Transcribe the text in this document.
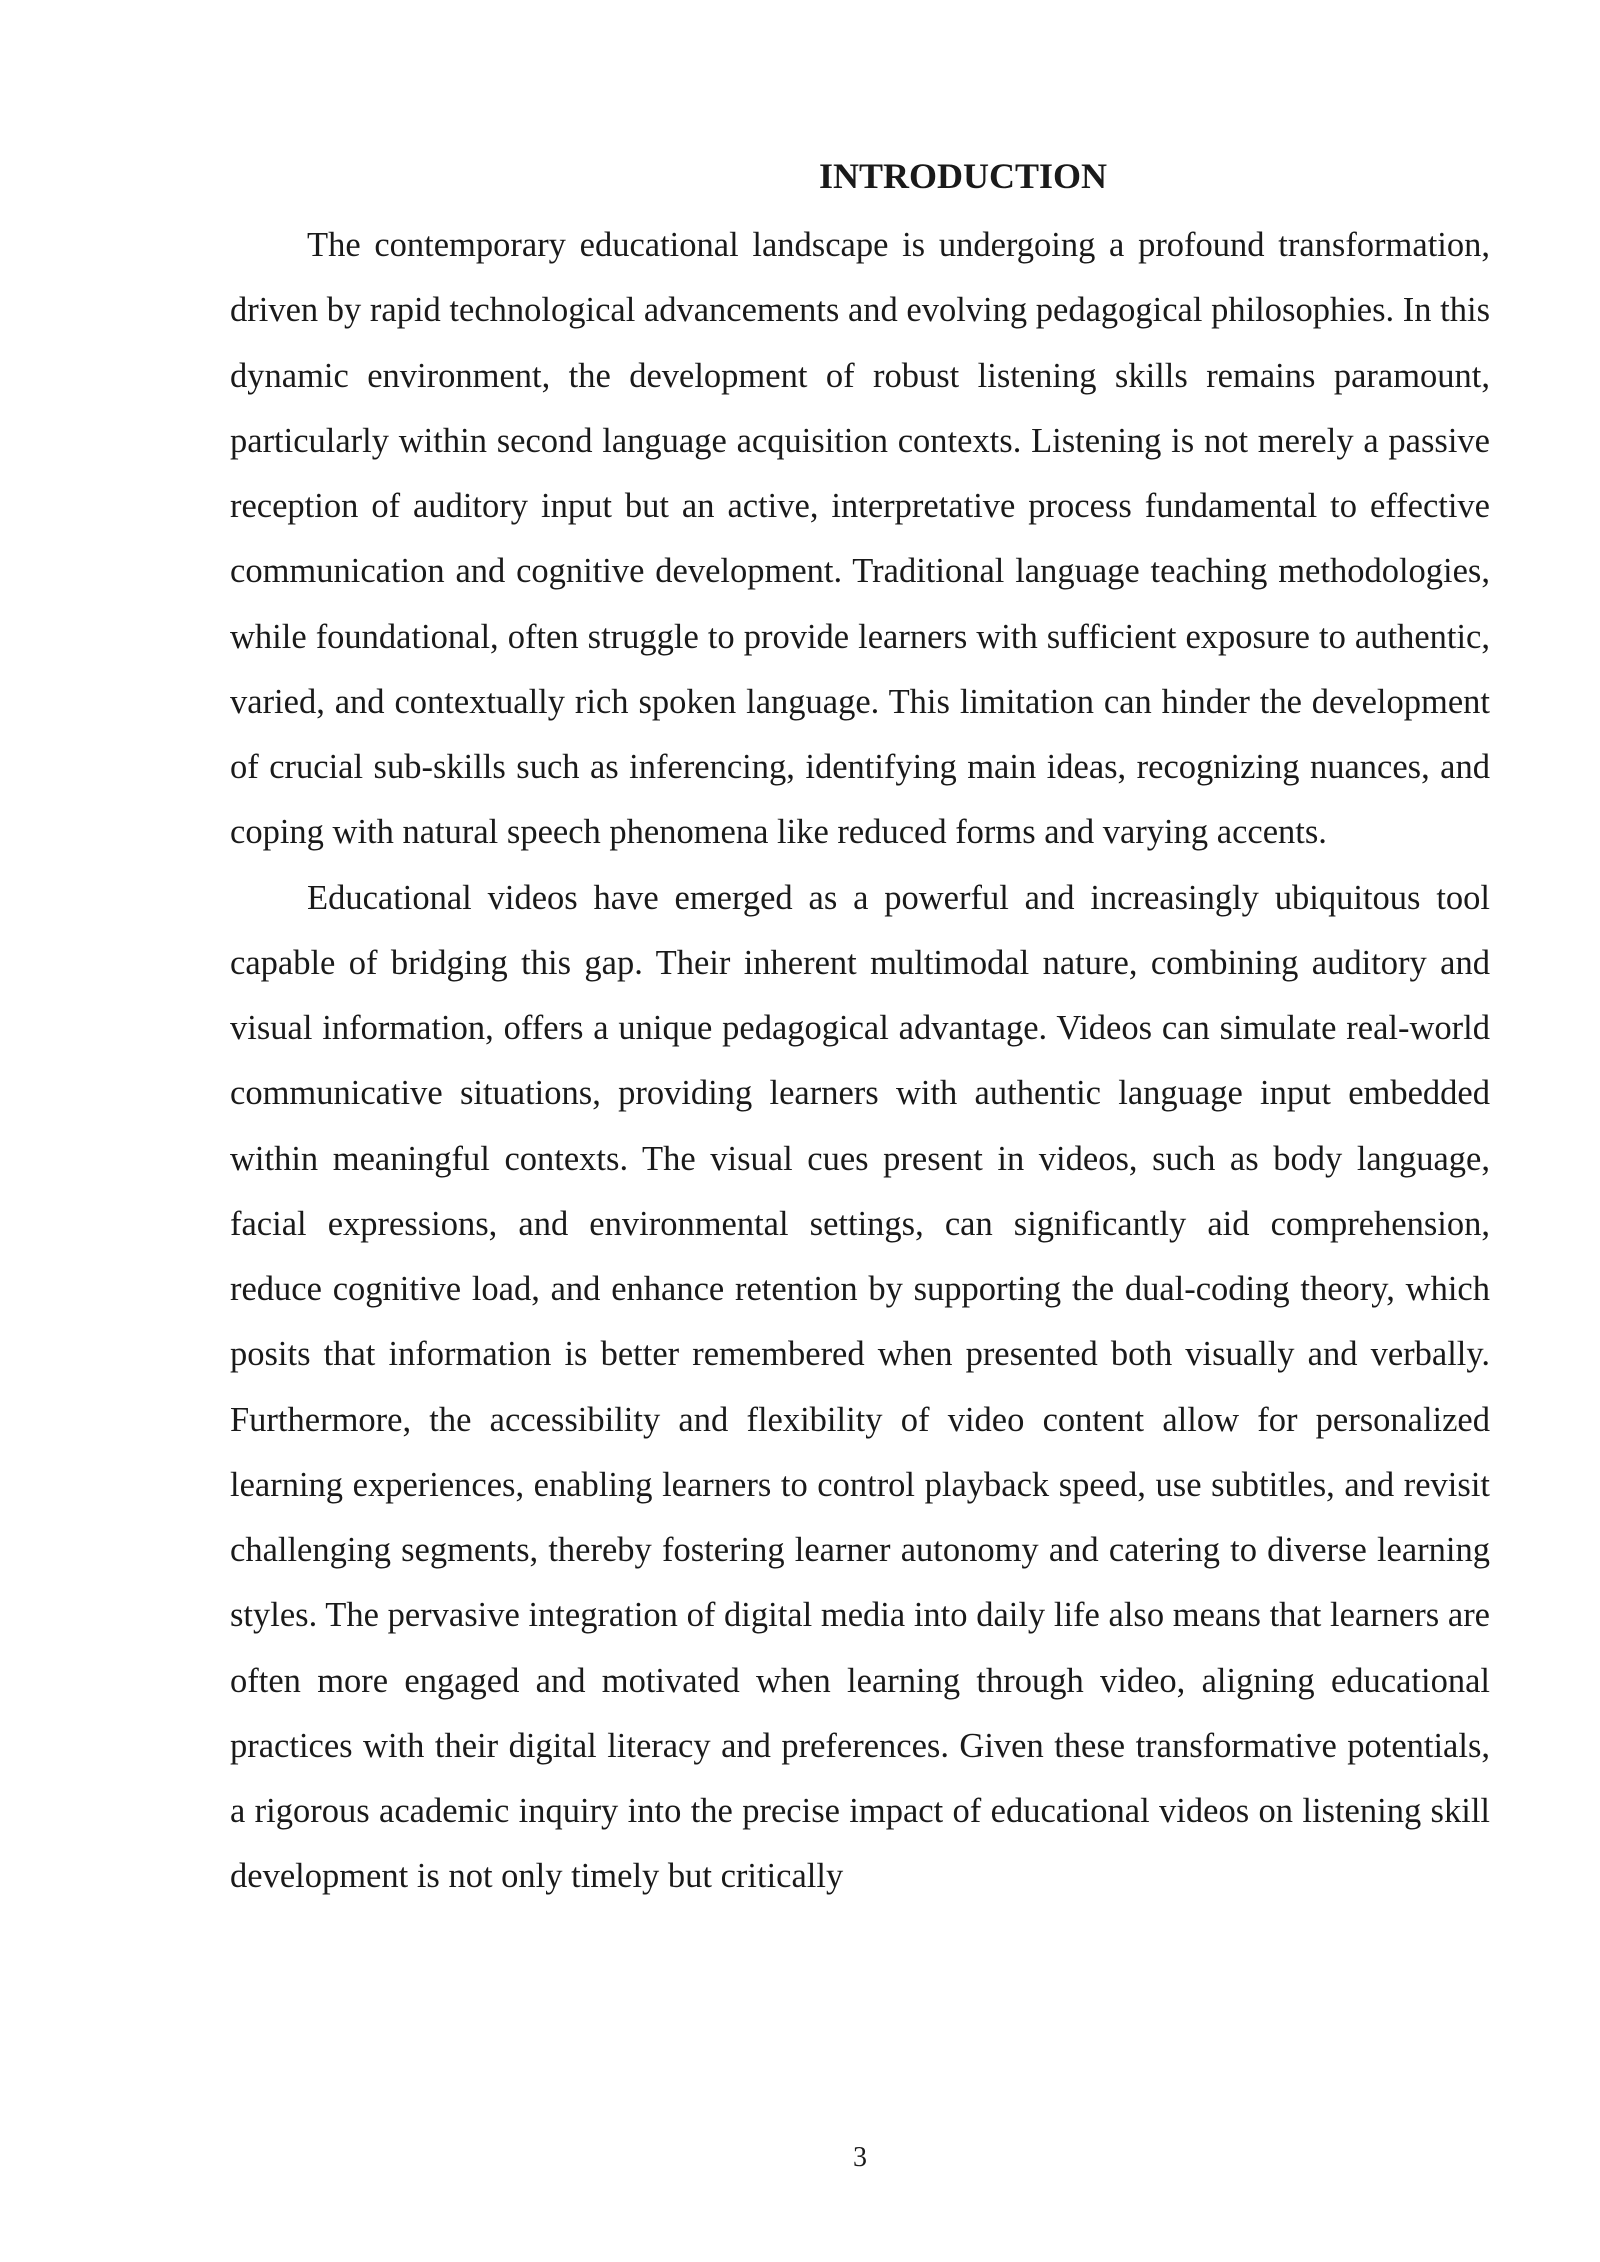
INTRODUCTION

The contemporary educational landscape is undergoing a profound transformation, driven by rapid technological advancements and evolving pedagogical philosophies. In this dynamic environment, the development of robust listening skills remains paramount, particularly within second language acquisition contexts. Listening is not merely a passive reception of auditory input but an active, interpretative process fundamental to effective communication and cognitive development. Traditional language teaching methodologies, while foundational, often struggle to provide learners with sufficient exposure to authentic, varied, and contextually rich spoken language. This limitation can hinder the development of crucial sub-skills such as inferencing, identifying main ideas, recognizing nuances, and coping with natural speech phenomena like reduced forms and varying accents.

Educational videos have emerged as a powerful and increasingly ubiquitous tool capable of bridging this gap. Their inherent multimodal nature, combining auditory and visual information, offers a unique pedagogical advantage. Videos can simulate real-world communicative situations, providing learners with authentic language input embedded within meaningful contexts. The visual cues present in videos, such as body language, facial expressions, and environmental settings, can significantly aid comprehension, reduce cognitive load, and enhance retention by supporting the dual-coding theory, which posits that information is better remembered when presented both visually and verbally. Furthermore, the accessibility and flexibility of video content allow for personalized learning experiences, enabling learners to control playback speed, use subtitles, and revisit challenging segments, thereby fostering learner autonomy and catering to diverse learning styles. The pervasive integration of digital media into daily life also means that learners are often more engaged and motivated when learning through video, aligning educational practices with their digital literacy and preferences. Given these transformative potentials, a rigorous academic inquiry into the precise impact of educational videos on listening skill development is not only timely but critically

3
